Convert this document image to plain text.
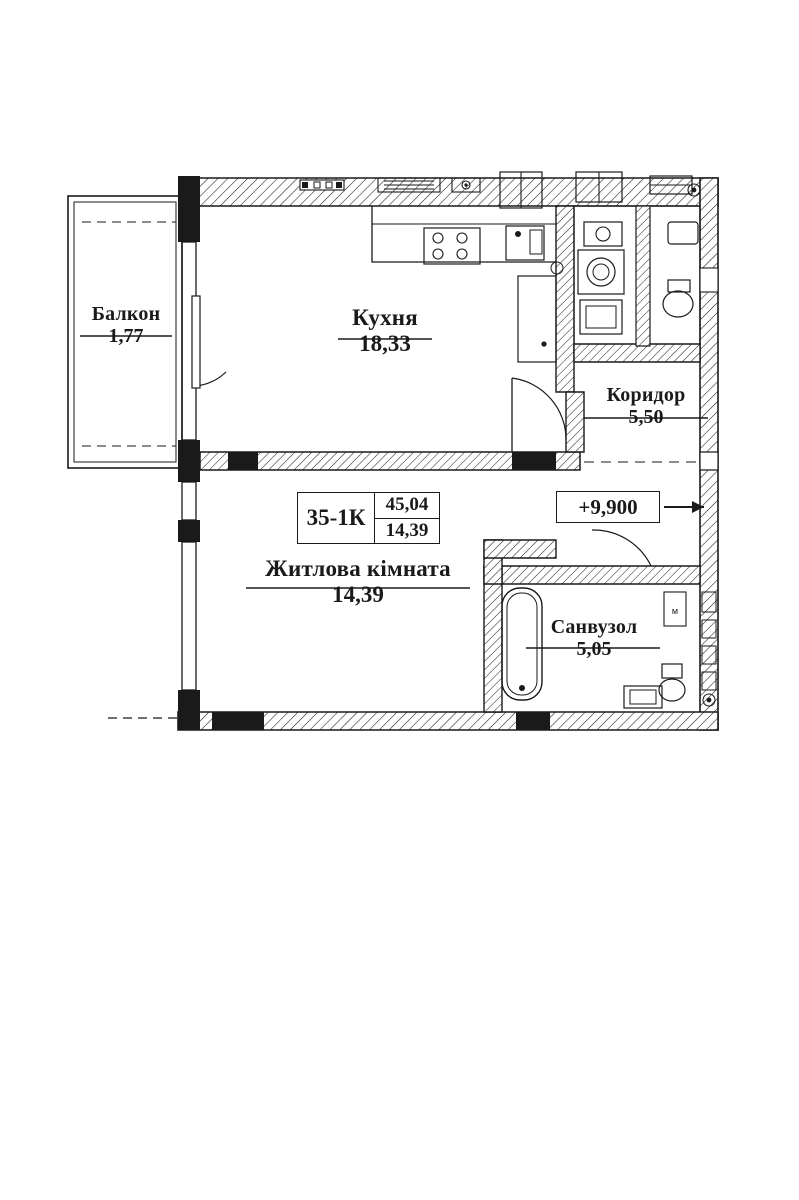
м
Балкон
1,77
Кухня
18,33
Коридор
5,50
Житлова кімната
14,39
Санвузол
5,05
35-1К
45,04
14,39
+9,900
